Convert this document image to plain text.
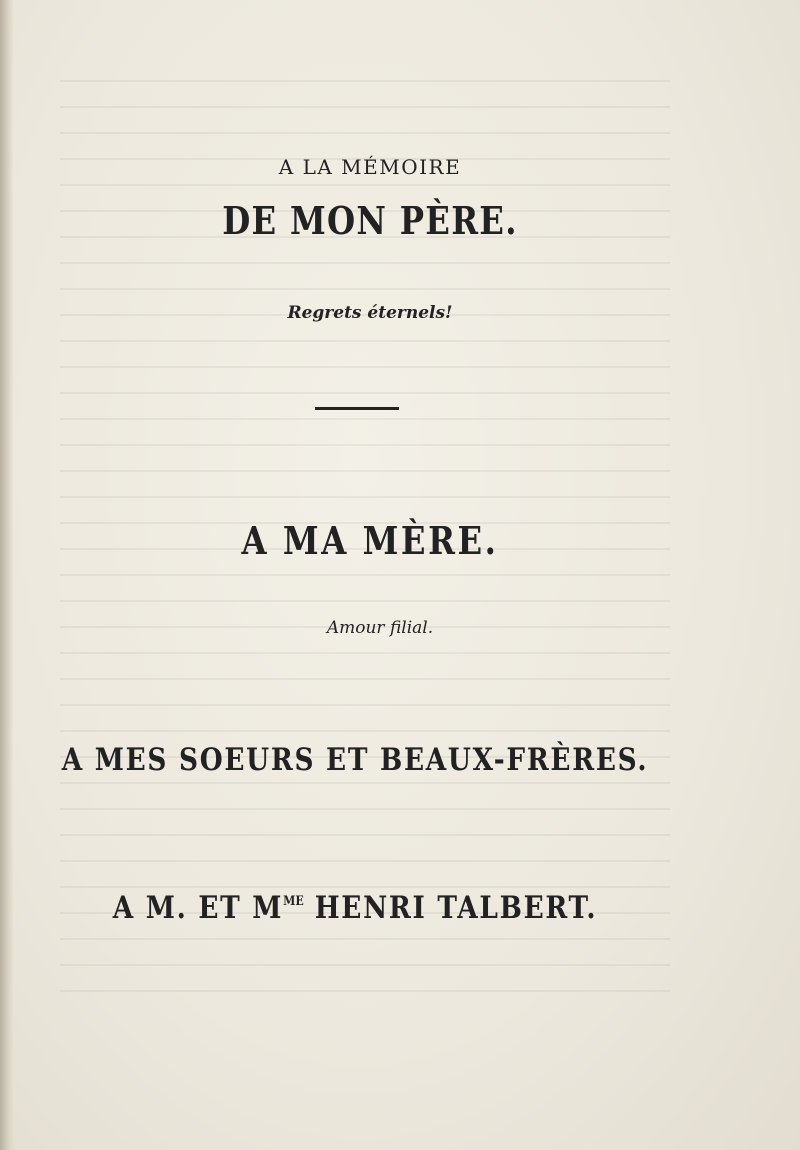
A LA MÉMOIRE
DE MON PÈRE.
Regrets éternels!
A MA MÈRE.
Amour filial.
A MES SOEURS ET BEAUX-FRÈRES.
A M. ET $M^{ME}$ HENRI TALBERT.
